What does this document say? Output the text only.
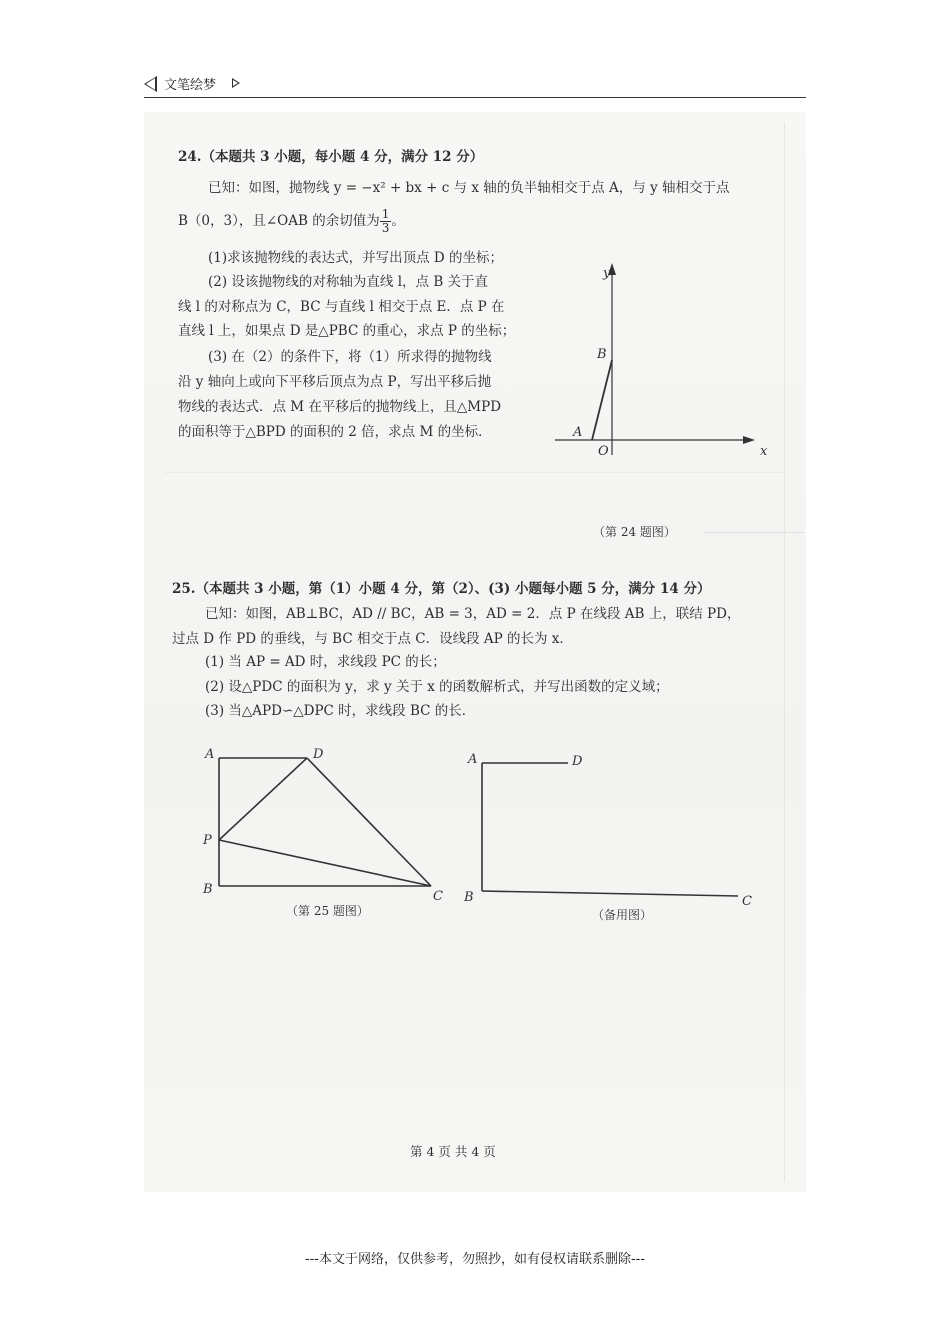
文笔绘梦
24.（本题共 3 小题，每小题 4 分，满分 12 分）
已知：如图，抛物线 y = −x² + bx + c 与 x 轴的负半轴相交于点 A，与 y 轴相交于点
B（0，3），且∠OAB 的余切值为 $\frac{1}{3}$ 。
(1)求该抛物线的表达式，并写出顶点 D 的坐标；
(2) 设该抛物线的对称轴为直线 l，点 B 关于直
线 l 的对称点为 C，BC 与直线 l 相交于点 E．点 P 在
直线 l 上，如果点 D 是△PBC 的重心，求点 P 的坐标；
(3) 在（2）的条件下，将（1）所求得的抛物线
沿 y 轴向上或向下平移后顶点为点 P，写出平移后抛
物线的表达式．点 M 在平移后的抛物线上，且△MPD
的面积等于△BPD 的面积的 2 倍，求点 M 的坐标．
y
x
B
A
O
（第 24 题图）
25.（本题共 3 小题，第（1）小题 4 分，第（2）、(3) 小题每小题 5 分，满分 14 分）
已知：如图，AB⊥BC，AD // BC，AB = 3，AD = 2．点 P 在线段 AB 上，联结 PD，
过点 D 作 PD 的垂线，与 BC 相交于点 C．设线段 AP 的长为 x．
(1) 当 AP = AD 时，求线段 PC 的长；
(2) 设△PDC 的面积为 y，求 y 关于 x 的函数解析式，并写出函数的定义域；
(3) 当△APD∽△DPC 时，求线段 BC 的长．
A	D
P
B	C
（第 25 题图）
A	D
B	C
（备用图）
第 4 页 共 4 页
---本文于网络，仅供参考，勿照抄，如有侵权请联系删除---
